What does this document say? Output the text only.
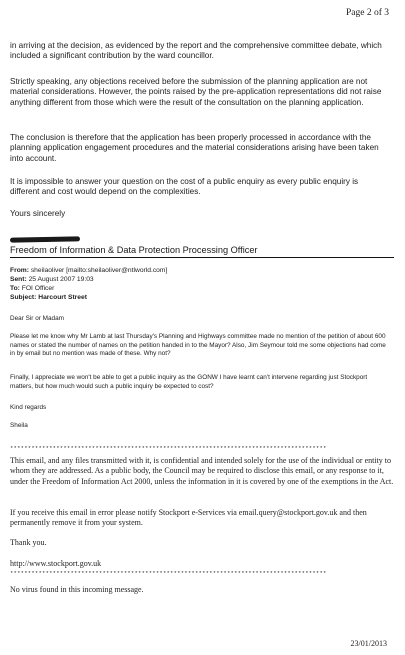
Page 2 of 3

in arriving at the decision, as evidenced by the report and the comprehensive committee debate, which included a significant contribution by the ward councillor.

Strictly speaking, any objections received before the submission of the planning application are not material considerations. However, the points raised by the pre-application representations did not raise anything different from those which were the result of the consultation on the planning application.

The conclusion is therefore that the application has been properly processed in accordance with the planning application engagement procedures and the material considerations arising have been taken into account.

It is impossible to answer your question on the cost of a public enquiry as every public enquiry is different and cost would depend on the complexities.

Yours sincerely

Freedom of Information & Data Protection Processing Officer

From: sheilaoliver [mailto:sheilaoliver@ntlworld.com]

Sent: 25 August 2007 19:03

To: FOI Officer

Subject: Harcourt Street

Dear Sir or Madam

Please let me know why Mr Lamb at last Thursday's Planning and Highways committee made no mention of the petition of about 600 names or stated the number of names on the petition handed in to the Mayor? Also, Jim Seymour told me some objections had come in by email but no mention was made of these. Why not?

Finally, I appreciate we won't be able to get a public inquiry as the GONW I have learnt can't intervene regarding just Stockport matters, but how much would such a public inquiry be expected to cost?

Kind regards

Sheila

*****************************************************************************************

This email, and any files transmitted with it, is confidential and intended solely for the use of the individual or entity to whom they are addressed. As a public body, the Council may be required to disclose this email, or any response to it, under the Freedom of Information Act 2000, unless the information in it is covered by one of the exemptions in the Act.

If you receive this email in error please notify Stockport e-Services via email.query@stockport.gov.uk and then permanently remove it from your system.

Thank you.

http://www.stockport.gov.uk

*****************************************************************************************

No virus found in this incoming message.

23/01/2013
